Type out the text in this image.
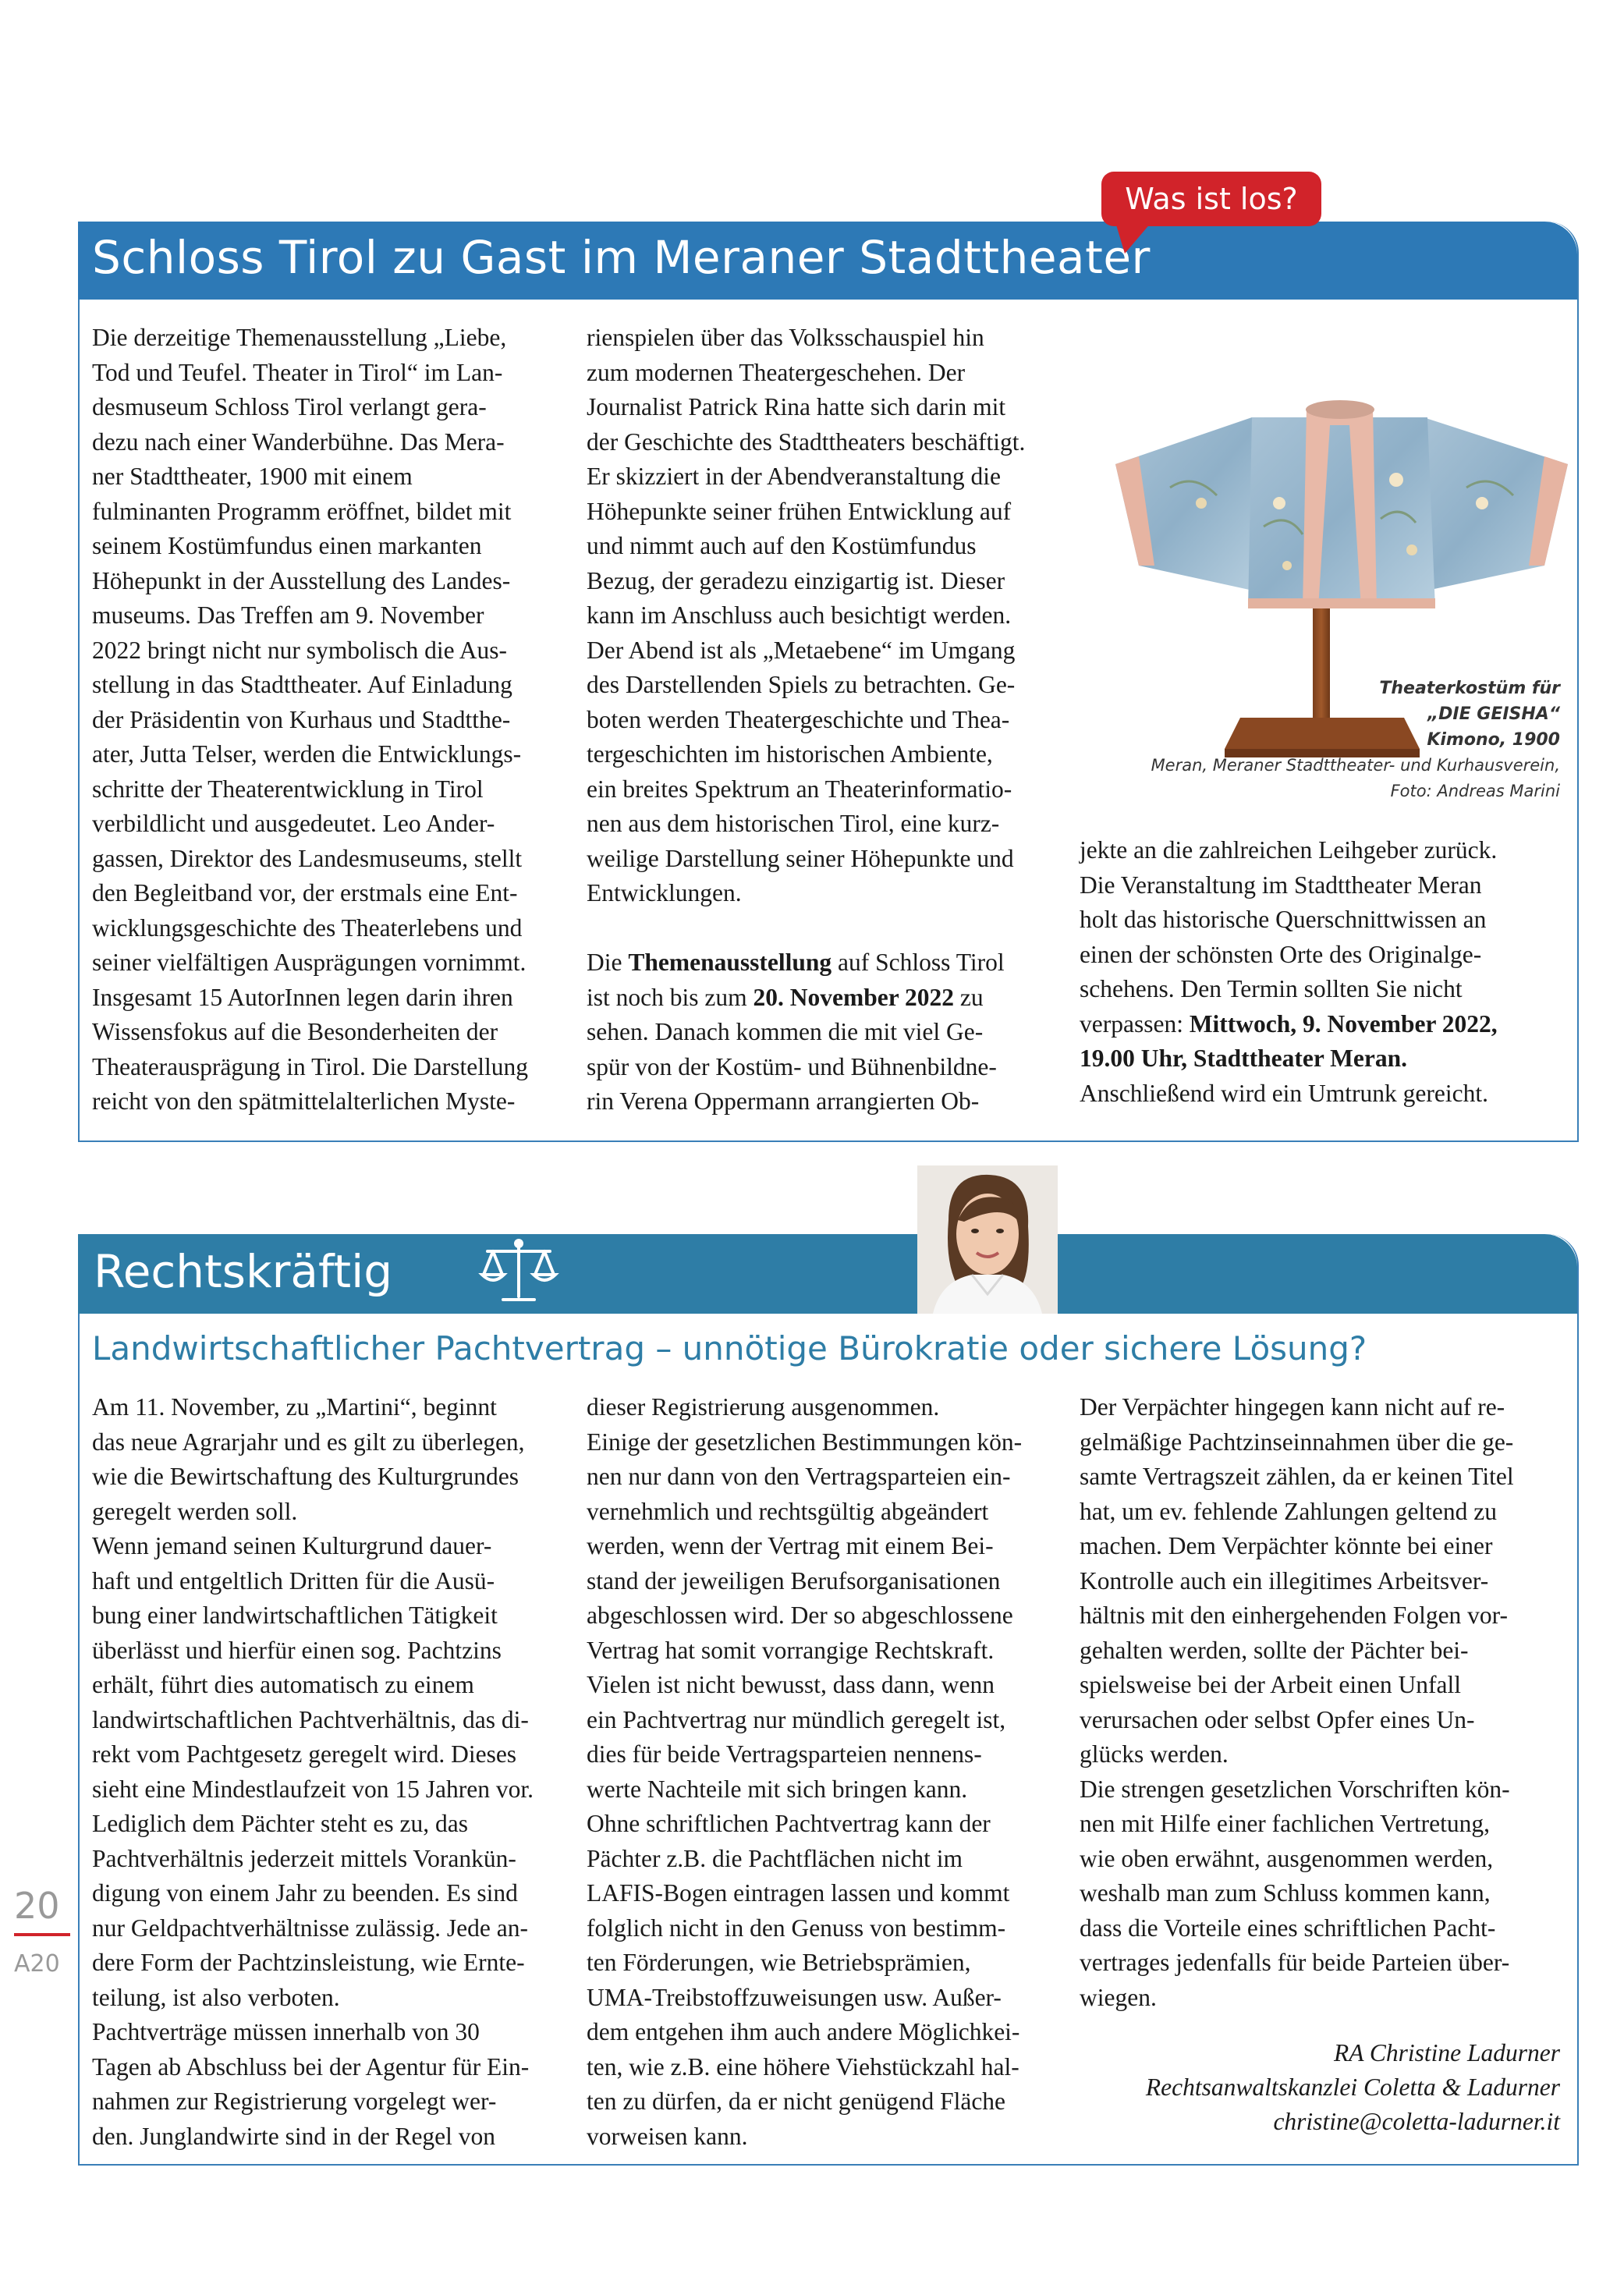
Schloss Tirol zu Gast im Meraner Stadttheater
Was ist los?

Die derzeitige Themenausstellung „Liebe,

Tod und Teufel. Theater in Tirol“ im Lan-

desmuseum Schloss Tirol verlangt gera-

dezu nach einer Wanderbühne. Das Mera-

ner Stadttheater, 1900 mit einem

fulminanten Programm eröffnet, bildet mit

seinem Kostümfundus einen markanten

Höhepunkt in der Ausstellung des Landes-

museums. Das Treffen am 9. November

2022 bringt nicht nur symbolisch die Aus-

stellung in das Stadttheater. Auf Einladung

der Präsidentin von Kurhaus und Stadtthe-

ater, Jutta Telser, werden die Entwicklungs-

schritte der Theaterentwicklung in Tirol

verbildlicht und ausgedeutet. Leo Ander-

gassen, Direktor des Landesmuseums, stellt

den Begleitband vor, der erstmals eine Ent-

wicklungsgeschichte des Theaterlebens und

seiner vielfältigen Ausprägungen vornimmt.

Insgesamt 15 AutorInnen legen darin ihren

Wissensfokus auf die Besonderheiten der

Theaterausprägung in Tirol. Die Darstellung

reicht von den spätmittelalterlichen Myste-

rienspielen über das Volksschauspiel hin

zum modernen Theatergeschehen. Der

Journalist Patrick Rina hatte sich darin mit

der Geschichte des Stadttheaters beschäftigt.

Er skizziert in der Abendveranstaltung die

Höhepunkte seiner frühen Entwicklung auf

und nimmt auch auf den Kostümfundus

Bezug, der geradezu einzigartig ist. Dieser

kann im Anschluss auch besichtigt werden.

Der Abend ist als „Metaebene“ im Umgang

des Darstellenden Spiels zu betrachten. Ge-

boten werden Theatergeschichte und Thea-

tergeschichten im historischen Ambiente,

ein breites Spektrum an Theaterinformatio-

nen aus dem historischen Tirol, eine kurz-

weilige Darstellung seiner Höhepunkte und

Entwicklungen.

Die Themenausstellung auf Schloss Tirol

ist noch bis zum 20. November 2022 zu

sehen. Danach kommen die mit viel Ge-

spür von der Kostüm- und Bühnenbildne-

rin Verena Oppermann arrangierten Ob-

Theaterkostüm für
„DIE GEISHA“
Kimono, 1900
Meran, Meraner Stadttheater- und Kurhausverein,
Foto: Andreas Marini

jekte an die zahlreichen Leihgeber zurück.

Die Veranstaltung im Stadttheater Meran

holt das historische Querschnittwissen an

einen der schönsten Orte des Originalge-

schehens. Den Termin sollten Sie nicht

verpassen: Mittwoch, 9. November 2022,

19.00 Uhr, Stadttheater Meran.

Anschließend wird ein Umtrunk gereicht.

Rechtskräftig
Landwirtschaftlicher Pachtvertrag – unnötige Bürokratie oder sichere Lösung?

Am 11. November, zu „Martini“, beginnt

das neue Agrarjahr und es gilt zu überlegen,

wie die Bewirtschaftung des Kulturgrundes

geregelt werden soll.

Wenn jemand seinen Kulturgrund dauer-

haft und entgeltlich Dritten für die Ausü-

bung einer landwirtschaftlichen Tätigkeit

überlässt und hierfür einen sog. Pachtzins

erhält, führt dies automatisch zu einem

landwirtschaftlichen Pachtverhältnis, das di-

rekt vom Pachtgesetz geregelt wird. Dieses

sieht eine Mindestlaufzeit von 15 Jahren vor.

Lediglich dem Pächter steht es zu, das

Pachtverhältnis jederzeit mittels Vorankün-

digung von einem Jahr zu beenden. Es sind

nur Geldpachtverhältnisse zulässig. Jede an-

dere Form der Pachtzinsleistung, wie Ernte-

teilung, ist also verboten.

Pachtverträge müssen innerhalb von 30

Tagen ab Abschluss bei der Agentur für Ein-

nahmen zur Registrierung vorgelegt wer-

den. Junglandwirte sind in der Regel von

dieser Registrierung ausgenommen.

Einige der gesetzlichen Bestimmungen kön-

nen nur dann von den Vertragsparteien ein-

vernehmlich und rechtsgültig abgeändert

werden, wenn der Vertrag mit einem Bei-

stand der jeweiligen Berufsorganisationen

abgeschlossen wird. Der so abgeschlossene

Vertrag hat somit vorrangige Rechtskraft.

Vielen ist nicht bewusst, dass dann, wenn

ein Pachtvertrag nur mündlich geregelt ist,

dies für beide Vertragsparteien nennens-

werte Nachteile mit sich bringen kann.

Ohne schriftlichen Pachtvertrag kann der

Pächter z.B. die Pachtflächen nicht im

LAFIS-Bogen eintragen lassen und kommt

folglich nicht in den Genuss von bestimm-

ten Förderungen, wie Betriebsprämien,

UMA-Treibstoffzuweisungen usw. Außer-

dem entgehen ihm auch andere Möglichkei-

ten, wie z.B. eine höhere Viehstückzahl hal-

ten zu dürfen, da er nicht genügend Fläche

vorweisen kann.

Der Verpächter hingegen kann nicht auf re-

gelmäßige Pachtzinseinnahmen über die ge-

samte Vertragszeit zählen, da er keinen Titel

hat, um ev. fehlende Zahlungen geltend zu

machen. Dem Verpächter könnte bei einer

Kontrolle auch ein illegitimes Arbeitsver-

hältnis mit den einhergehenden Folgen vor-

gehalten werden, sollte der Pächter bei-

spielsweise bei der Arbeit einen Unfall

verursachen oder selbst Opfer eines Un-

glücks werden.

Die strengen gesetzlichen Vorschriften kön-

nen mit Hilfe einer fachlichen Vertretung,

wie oben erwähnt, ausgenommen werden,

weshalb man zum Schluss kommen kann,

dass die Vorteile eines schriftlichen Pacht-

vertrages jedenfalls für beide Parteien über-

wiegen.

RA Christine Ladurner
Rechtsanwaltskanzlei Coletta & Ladurner
christine@coletta-ladurner.it
20
A20
